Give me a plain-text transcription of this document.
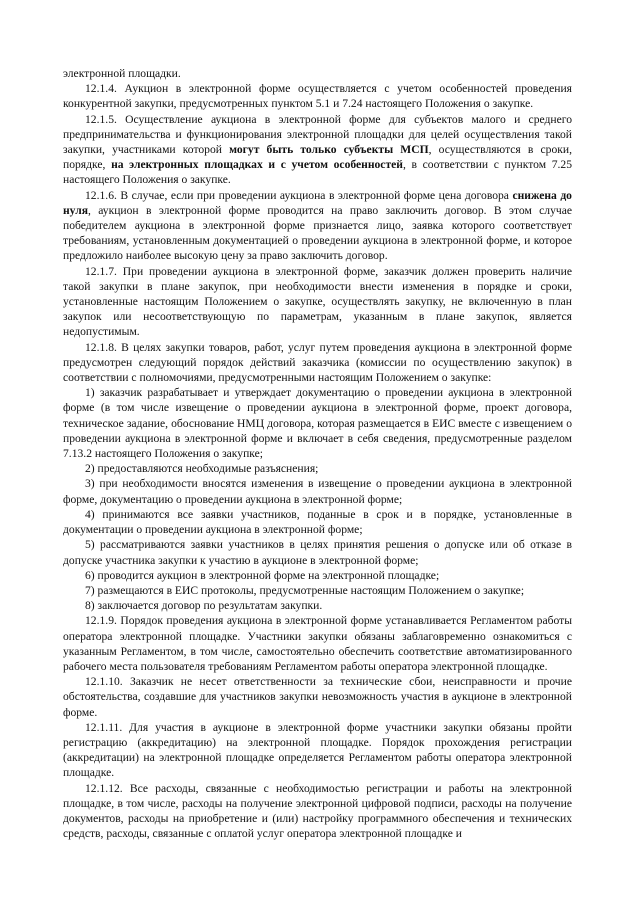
электронной площадки.

12.1.4. Аукцион в электронной форме осуществляется с учетом особенностей проведения конкурентной закупки, предусмотренных пунктом 5.1 и 7.24 настоящего Положения о закупке.

12.1.5. Осуществление аукциона в электронной форме для субъектов малого и среднего предпринимательства и функционирования электронной площадки для целей осуществления такой закупки, участниками которой могут быть только субъекты МСП, осуществляются в сроки, порядке, на электронных площадках и с учетом особенностей, в соответствии с пунктом 7.25 настоящего Положения о закупке.

12.1.6. В случае, если при проведении аукциона в электронной форме цена договора снижена до нуля, аукцион в электронной форме проводится на право заключить договор. В этом случае победителем аукциона в электронной форме признается лицо, заявка которого соответствует требованиям, установленным документацией о проведении аукциона в электронной форме, и которое предложило наиболее высокую цену за право заключить договор.

12.1.7. При проведении аукциона в электронной форме, заказчик должен проверить наличие такой закупки в плане закупок, при необходимости внести изменения в порядке и сроки, установленные настоящим Положением о закупке, осуществлять закупку, не включенную в план закупок или несоответствующую по параметрам, указанным в плане закупок, является недопустимым.

12.1.8. В целях закупки товаров, работ, услуг путем проведения аукциона в электронной форме предусмотрен следующий порядок действий заказчика (комиссии по осуществлению закупок) в соответствии с полномочиями, предусмотренными настоящим Положением о закупке:

1) заказчик разрабатывает и утверждает документацию о проведении аукциона в электронной форме (в том числе извещение о проведении аукциона в электронной форме, проект договора, техническое задание, обоснование НМЦ договора, которая размещается в ЕИС вместе с извещением о проведении аукциона в электронной форме и включает в себя сведения, предусмотренные разделом 7.13.2 настоящего Положения о закупке;

2) предоставляются необходимые разъяснения;

3) при необходимости вносятся изменения в извещение о проведении аукциона в электронной форме, документацию о проведении аукциона в электронной форме;

4) принимаются все заявки участников, поданные в срок и в порядке, установленные в документации о проведении аукциона в электронной форме;

5) рассматриваются заявки участников в целях принятия решения о допуске или об отказе в допуске участника закупки к участию в аукционе в электронной форме;

6) проводится аукцион в электронной форме на электронной площадке;

7) размещаются в ЕИС протоколы, предусмотренные настоящим Положением о закупке;

8) заключается договор по результатам закупки.

12.1.9. Порядок проведения аукциона в электронной форме устанавливается Регламентом работы оператора электронной площадке. Участники закупки обязаны заблаговременно ознакомиться с указанным Регламентом, в том числе, самостоятельно обеспечить соответствие автоматизированного рабочего места пользователя требованиям Регламентом работы оператора электронной площадке.

12.1.10. Заказчик не несет ответственности за технические сбои, неисправности и прочие обстоятельства, создавшие для участников закупки невозможность участия в аукционе в электронной форме.

12.1.11. Для участия в аукционе в электронной форме участники закупки обязаны пройти регистрацию (аккредитацию) на электронной площадке. Порядок прохождения регистрации (аккредитации) на электронной площадке определяется Регламентом работы оператора электронной площадке.

12.1.12. Все расходы, связанные с необходимостью регистрации и работы на электронной площадке, в том числе, расходы на получение электронной цифровой подписи, расходы на получение документов, расходы на приобретение и (или) настройку программного обеспечения и технических средств, расходы, связанные с оплатой услуг оператора электронной площадке и
